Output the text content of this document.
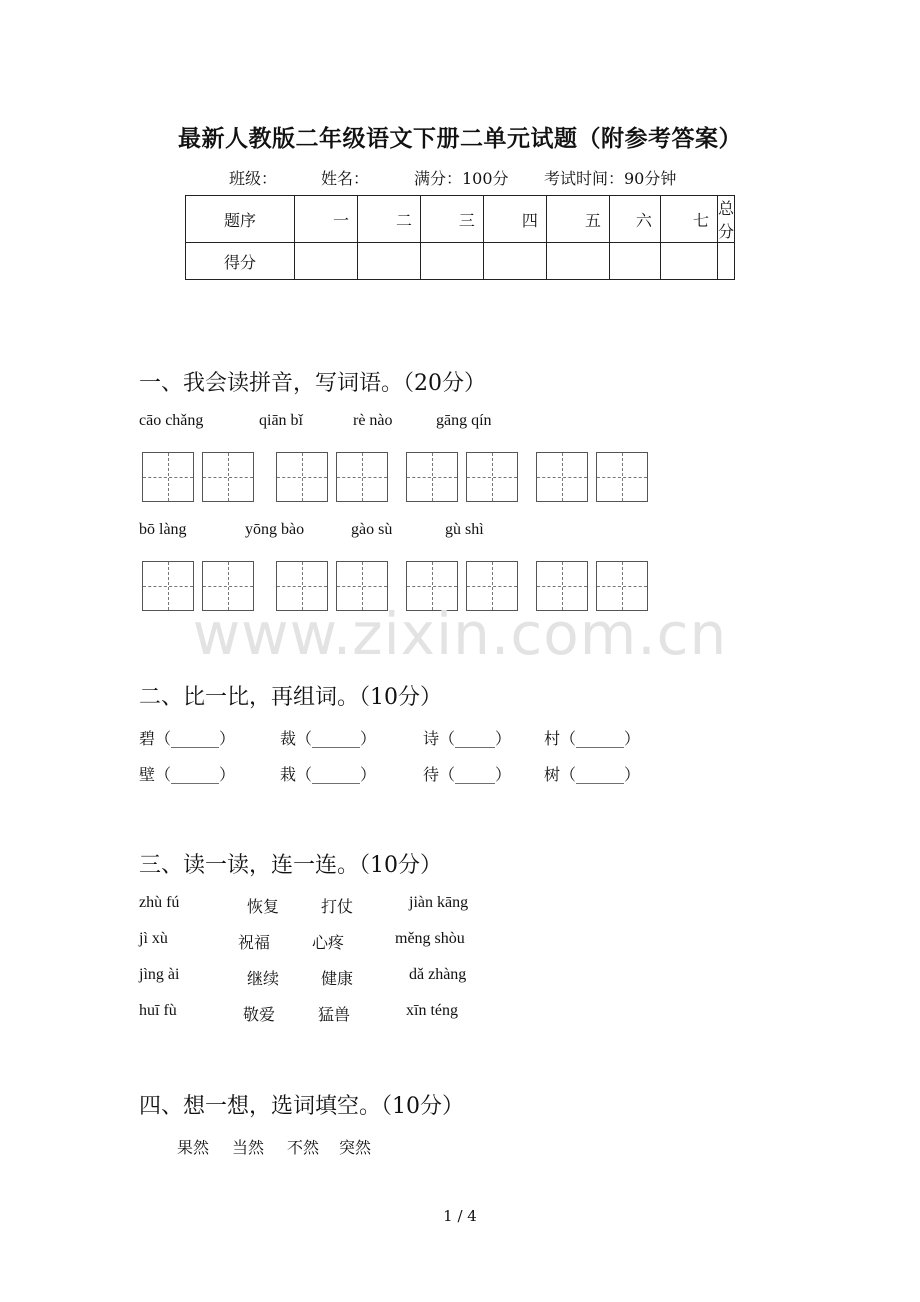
最新人教版二年级语文下册二单元试题（附参考答案）
班级：	姓名：	满分：100分 考试时间：90分钟
题序	一	二	三	四	五	六	七	总分
得分								
一、我会读拼音，写词语。（20分）
cāo chǎng	qiān bǐ	rè nào	gāng qín
bō làng	yōng bào	gào sù	gù shì
www.zixin.com.cn
二、比一比，再组词。（10分）
碧（______）	裁（______）	诗（_____） 村（______）
壁（______）	栽（______）	待（_____） 树（______）
三、读一读，连一连。（10分）
zhù fú	恢复	打仗	jiàn kāng
jì xù	祝福	心疼	měng shòu
jìng ài	继续	健康	dǎ zhàng
huī fù	敬爱	猛兽	xīn téng
四、想一想，选词填空。（10分）
果然 当然 不然 突然
1 / 4
